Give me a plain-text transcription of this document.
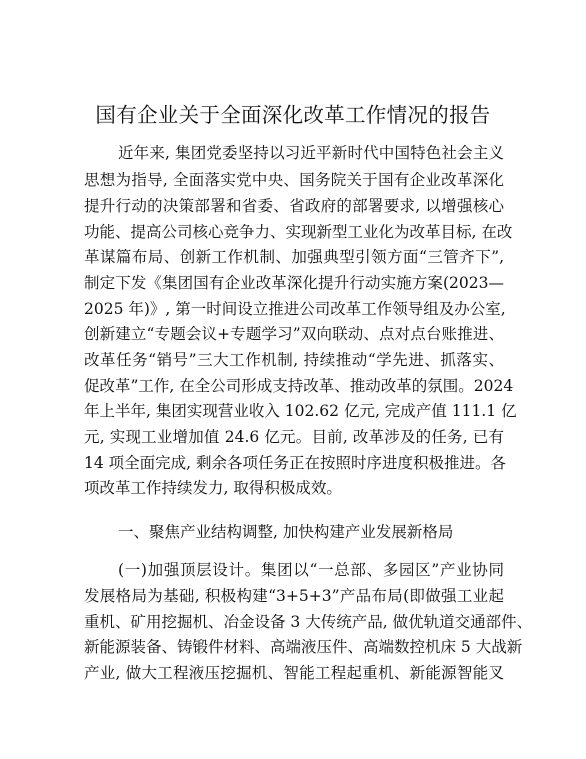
国有企业关于全面深化改革工作情况的报告
近年来, 集团党委坚持以习近平新时代中国特色社会主义
思想为指导, 全面落实党中央、国务院关于国有企业改革深化
提升行动的决策部署和省委、省政府的部署要求, 以增强核心
功能、提高公司核心竞争力、实现新型工业化为改革目标, 在改
革谋篇布局、创新工作机制、加强典型引领方面“三管齐下”,
制定下发《集团国有企业改革深化提升行动实施方案(2023—
2025 年)》, 第一时间设立推进公司改革工作领导组及办公室,
创新建立“专题会议+专题学习”双向联动、点对点台账推进、
改革任务“销号”三大工作机制, 持续推动“学先进、抓落实、
促改革”工作, 在全公司形成支持改革、推动改革的氛围。2024
年上半年, 集团实现营业收入 102.62 亿元, 完成产值 111.1 亿
元, 实现工业增加值 24.6 亿元。目前, 改革涉及的任务, 已有
14 项全面完成, 剩余各项任务正在按照时序进度积极推进。各
项改革工作持续发力, 取得积极成效。
一、聚焦产业结构调整, 加快构建产业发展新格局
(一)加强顶层设计。集团以“一总部、多园区”产业协同
发展格局为基础, 积极构建“3+5+3”产品布局(即做强工业起
重机、矿用挖掘机、冶金设备 3 大传统产品, 做优轨道交通部件、
新能源装备、铸锻件材料、高端液压件、高端数控机床 5 大战新
产业, 做大工程液压挖掘机、智能工程起重机、新能源智能叉
